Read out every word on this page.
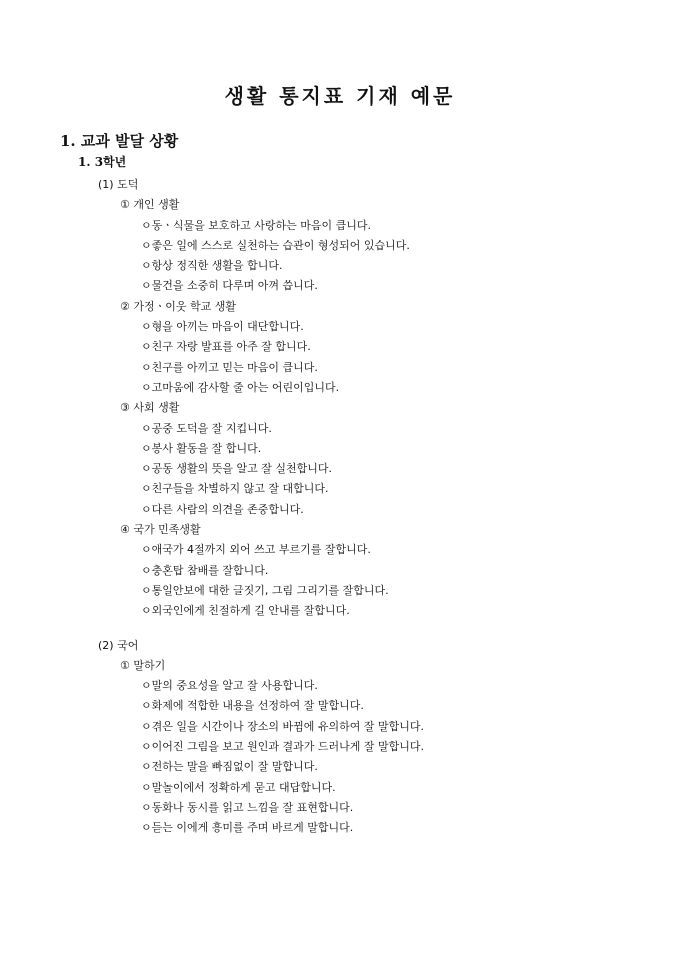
생활 통지표 기재 예문
1. 교과 발달 상황
1. 3학년
(1) 도덕
① 개인 생활
ㅇ동ㆍ식물을 보호하고 사랑하는 마음이 큽니다.
ㅇ좋은 일에 스스로 실천하는 습관이 형성되어 있습니다.
ㅇ항상 정직한 생활을 합니다.
ㅇ물건을 소중히 다루며 아껴 씁니다.
② 가정ㆍ이웃 학교 생활
ㅇ형을 아끼는 마음이 대단합니다.
ㅇ친구 자랑 발표를 아주 잘 합니다.
ㅇ친구를 아끼고 믿는 마음이 큽니다.
ㅇ고마움에 감사할 줄 아는 어린이입니다.
③ 사회 생활
ㅇ공중 도덕을 잘 지킵니다.
ㅇ봉사 활동을 잘 합니다.
ㅇ공동 생활의 뜻을 알고 잘 실천합니다.
ㅇ친구들을 차별하지 않고 잘 대합니다.
ㅇ다른 사람의 의견을 존중합니다.
④ 국가 민족생활
ㅇ애국가 4절까지 외어 쓰고 부르기를 잘합니다.
ㅇ충혼탑 참배를 잘합니다.
ㅇ통일안보에 대한 글짓기, 그림 그리기를 잘합니다.
ㅇ외국인에게 친절하게 길 안내를 잘합니다.
(2) 국어
① 말하기
ㅇ말의 중요성을 알고 잘 사용합니다.
ㅇ화제에 적합한 내용을 선정하여 잘 말합니다.
ㅇ겪은 일을 시간이나 장소의 바뀜에 유의하여 잘 말합니다.
ㅇ이어진 그림을 보고 원인과 결과가 드러나게 잘 말합니다.
ㅇ전하는 말을 빠짐없이 잘 말합니다.
ㅇ말놀이에서 정확하게 묻고 대답합니다.
ㅇ동화나 동시를 읽고 느낌을 잘 표현합니다.
ㅇ듣는 이에게 흥미를 주며 바르게 말합니다.
